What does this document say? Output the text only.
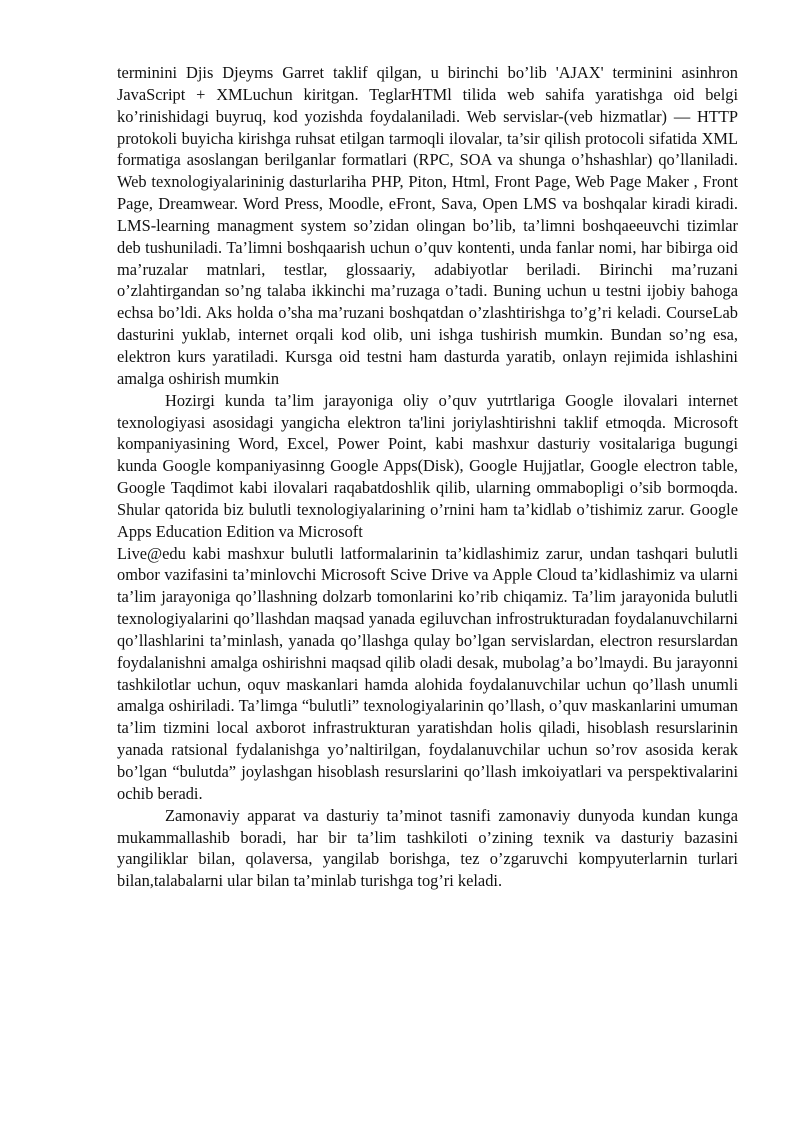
terminini Djis Djeyms Garret taklif qilgan, u birinchi bo’lib 'AJAX' terminini asinhron JavaScript + XMLuchun kiritgan. TeglarHTMl tilida web sahifa yaratishga oid belgi ko’rinishidagi buyruq, kod yozishda foydalaniladi. Web servislar-(veb hizmatlar) — HTTP protokoli buyicha kirishga ruhsat etilgan tarmoqli ilovalar, ta’sir qilish protocoli sifatida XML formatiga asoslangan berilganlar formatlari (RPC, SOA va shunga o’hshashlar) qo’llaniladi. Web texnologiyalarininig dasturlariha PHP, Piton, Html, Front Page, Web Page Maker , Front Page, Dreamwear. Word Press, Moodle, eFront, Sava, Open LMS va boshqalar kiradi kiradi. LMS-learning managment system so’zidan olingan bo’lib, ta’limni boshqaeeuvchi tizimlar deb tushuniladi. Ta’limni boshqaarish uchun o’quv kontenti, unda fanlar nomi, har bibirga oid ma’ruzalar matnlari, testlar, glossaariy, adabiyotlar beriladi. Birinchi ma’ruzani o’zlahtirgandan so’ng talaba ikkinchi ma’ruzaga o’tadi. Buning uchun u testni ijobiy bahoga echsa bo’ldi. Aks holda o’sha ma’ruzani boshqatdan o’zlashtirishga to’g’ri keladi. CourseLab dasturini yuklab, internet orqali kod olib, uni ishga tushirish mumkin. Bundan so’ng esa, elektron kurs yaratiladi. Kursga oid testni ham dasturda yaratib, onlayn rejimida ishlashini amalga oshirish mumkin

Hozirgi kunda ta’lim jarayoniga oliy o’quv yutrtlariga Google ilovalari internet texnologiyasi asosidagi yangicha elektron ta'lini joriylashtirishni taklif etmoqda. Microsoft kompaniyasining Word, Excel, Power Point, kabi mashxur dasturiy vositalariga bugungi kunda Google kompaniyasinng Google Apps(Disk), Google Hujjatlar, Google electron table, Google Taqdimot kabi ilovalari raqabatdoshlik qilib, ularning ommabopligi o’sib bormoqda. Shular qatorida biz bulutli texnologiyalarining o’rnini ham ta’kidlab o’tishimiz zarur. Google Apps Education Edition va Microsoft

Live@edu kabi mashxur bulutli latformalarinin ta’kidlashimiz zarur, undan tashqari bulutli ombor vazifasini ta’minlovchi Microsoft Scive Drive va Apple Cloud ta’kidlashimiz va ularni ta’lim jarayoniga qo’llashning dolzarb tomonlarini ko’rib chiqamiz. Ta’lim jarayonida bulutli texnologiyalarini qo’llashdan maqsad yanada egiluvchan infrostrukturadan foydalanuvchilarni qo’llashlarini ta’minlash, yanada qo’llashga qulay bo’lgan servislardan, electron resurslardan foydalanishni amalga oshirishni maqsad qilib oladi desak, mubolag’a bo’lmaydi. Bu jarayonni tashkilotlar uchun, oquv maskanlari hamda alohida foydalanuvchilar uchun qo’llash unumli amalga oshiriladi. Ta’limga “bulutli” texnologiyalarinin qo’llash, o’quv maskanlarini umuman ta’lim tizmini local axborot infrastrukturan yaratishdan holis qiladi, hisoblash resurslarinin yanada ratsional fydalanishga yo’naltirilgan, foydalanuvchilar uchun so’rov asosida kerak bo’lgan “bulutda” joylashgan hisoblash resurslarini qo’llash imkoiyatlari va perspektivalarini ochib beradi.

Zamonaviy apparat va dasturiy ta’minot tasnifi zamonaviy dunyoda kundan kunga mukammallashib boradi, har bir ta’lim tashkiloti o’zining texnik va dasturiy bazasini yangiliklar bilan, qolaversa, yangilab borishga, tez o’zgaruvchi kompyuterlarnin turlari bilan,talabalarni ular bilan ta’minlab turishga tog’ri keladi.
